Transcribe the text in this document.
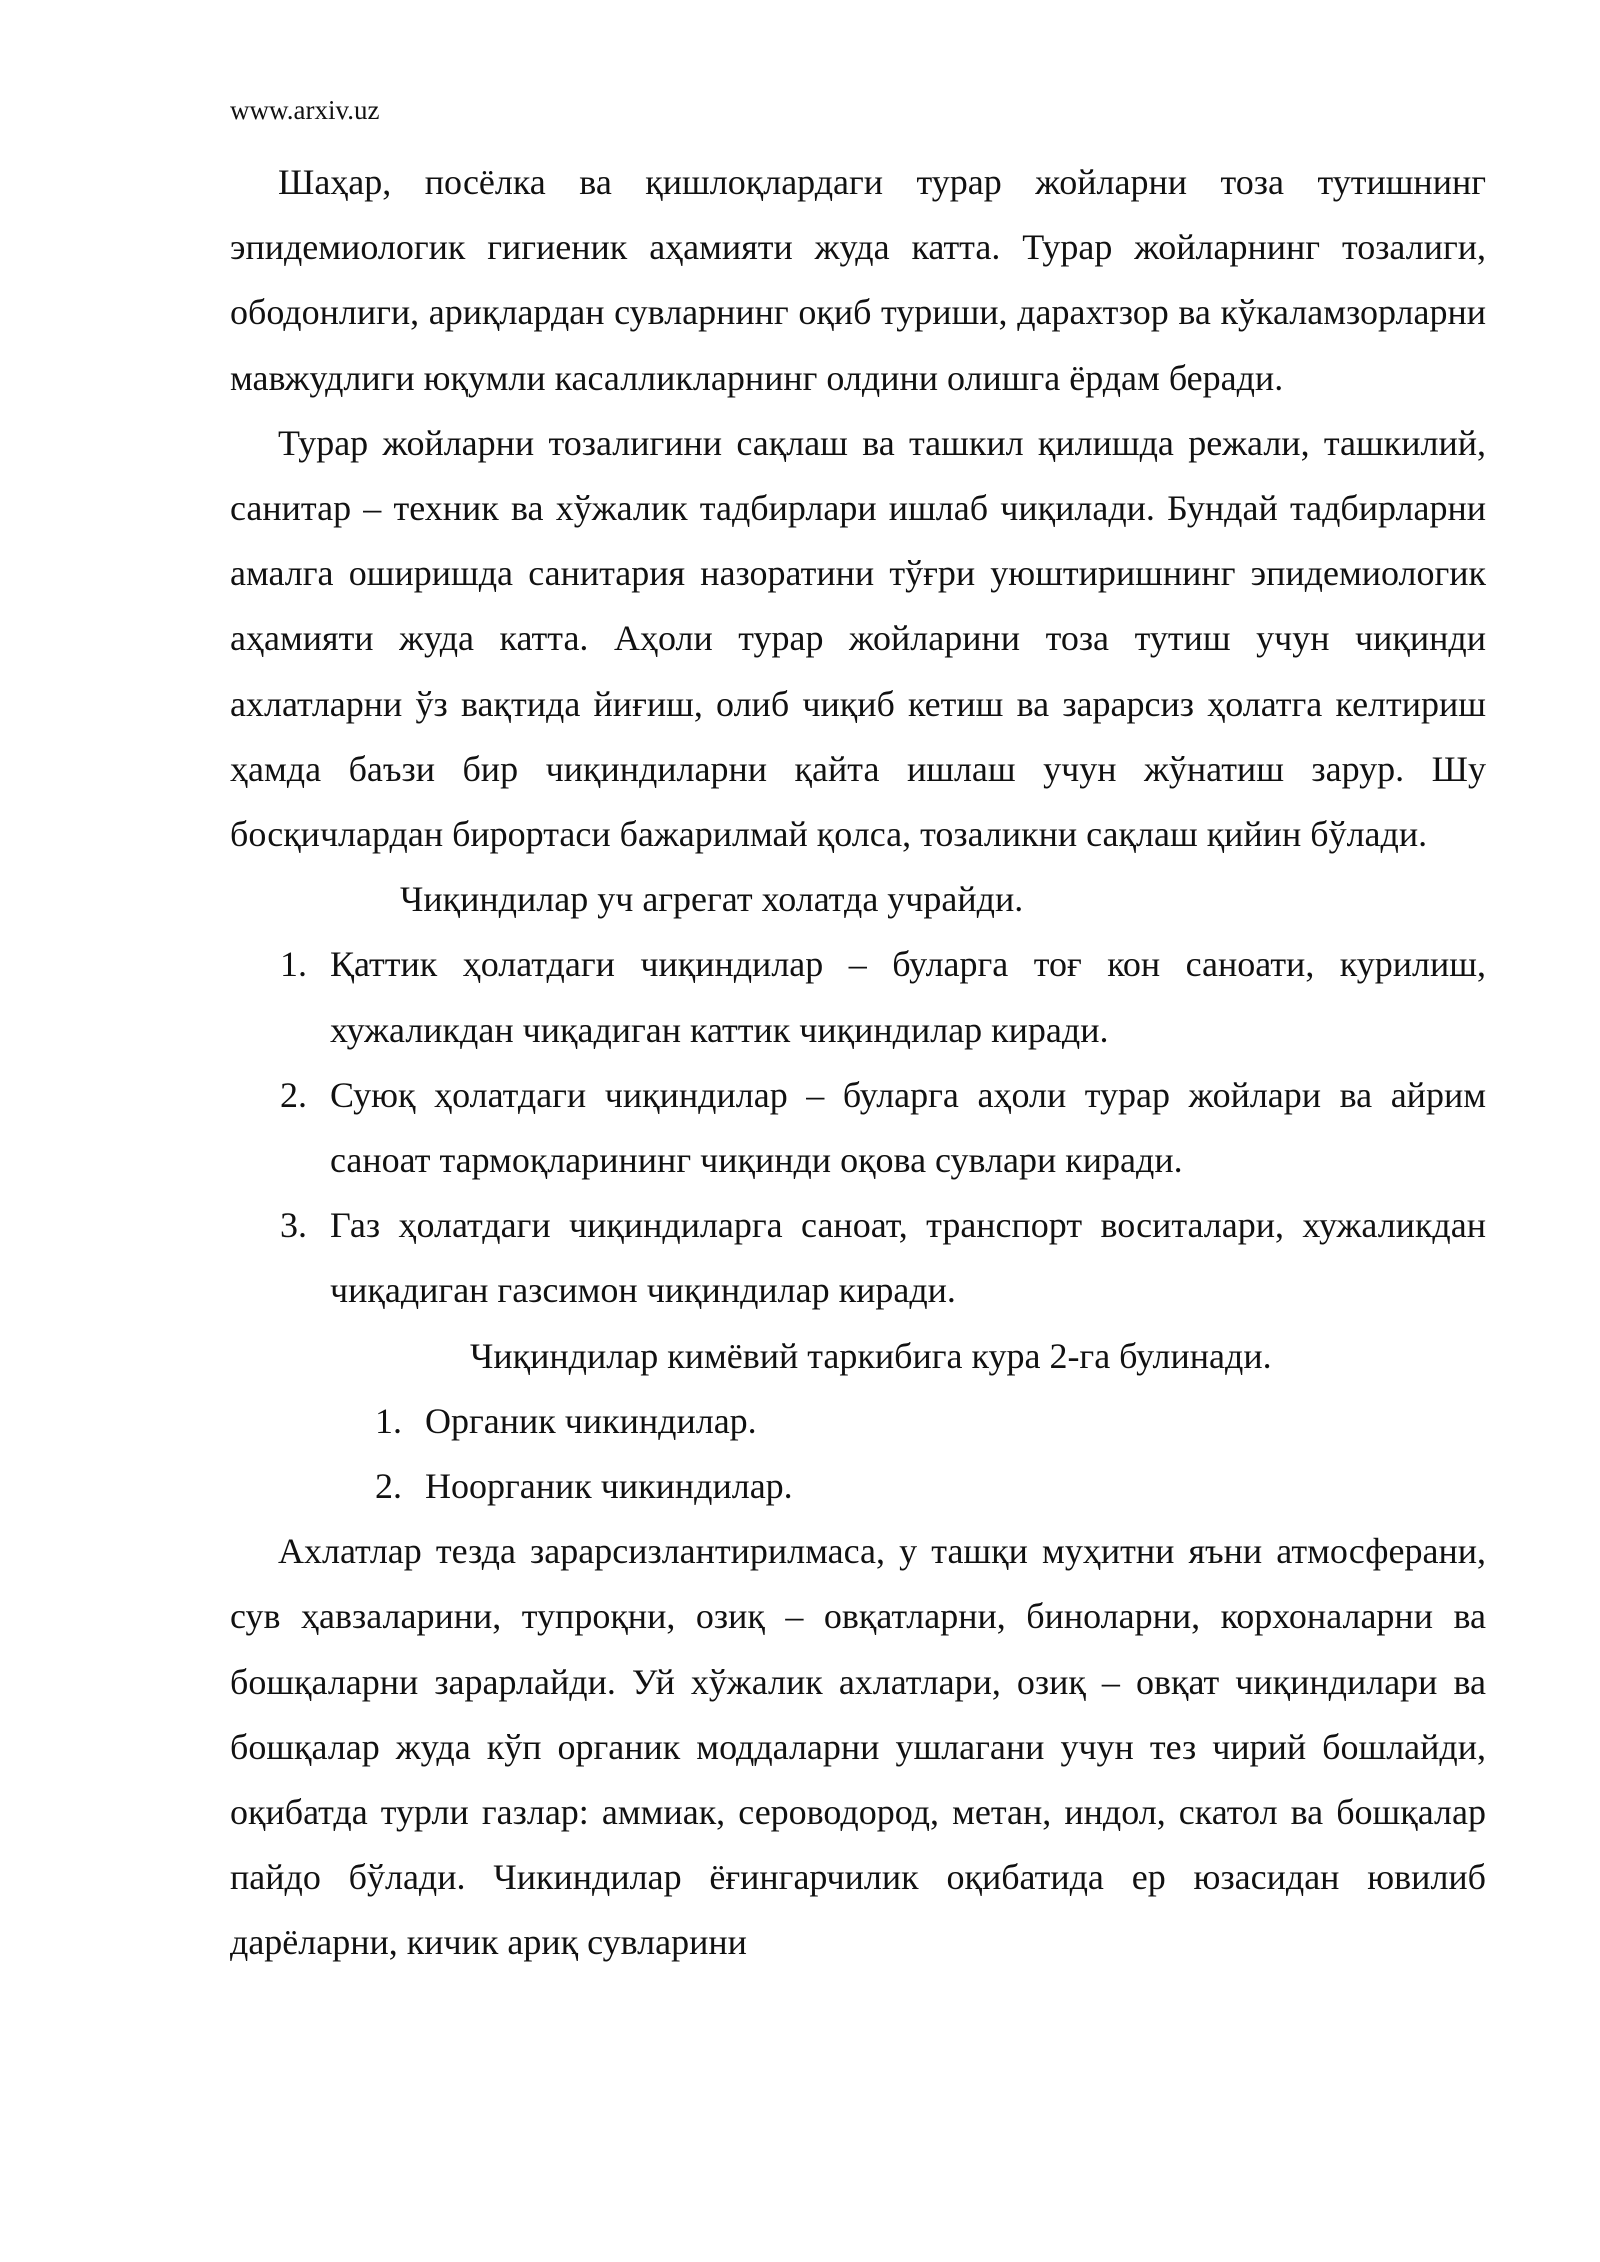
www.arxiv.uz

Шаҳар, посёлка ва қишлоқлардаги турар жойларни тоза тутишнинг эпидемиологик гигиеник аҳамияти жуда катта. Турар жойларнинг тозалиги, ободонлиги, ариқлардан сувларнинг оқиб туриши, дарахтзор ва кўкаламзорларни мавжудлиги юқумли касалликларнинг олдини олишга ёрдам беради.

Турар жойларни тозалигини сақлаш ва ташкил қилишда режали, ташкилий, санитар – техник ва хўжалик тадбирлари ишлаб чиқилади. Бундай тадбирларни амалга оширишда санитария назоратини тўғри уюштиришнинг эпидемиологик аҳамияти жуда катта. Аҳоли турар жойларини тоза тутиш учун чиқинди ахлатларни ўз вақтида йиғиш, олиб чиқиб кетиш ва зарарсиз ҳолатга келтириш ҳамда баъзи бир чиқиндиларни қайта ишлаш учун жўнатиш зарур. Шу босқичлардан бирортаси бажарилмай қолса, тозаликни сақлаш қийин бўлади.

Чиқиндилар уч агрегат холатда учрайди.

1. Қаттик ҳолатдаги чиқиндилар – буларга тоғ кон саноати, курилиш, хужаликдан чиқадиган каттик чиқиндилар киради.
2. Суюқ ҳолатдаги чиқиндилар – буларга аҳоли турар жойлари ва айрим саноат тармоқларининг чиқинди оқова сувлари киради.
3. Газ ҳолатдаги чиқиндиларга саноат, транспорт воситалари, хужаликдан чиқадиган газсимон чиқиндилар киради.

Чиқиндилар кимёвий таркибига кура 2-га булинади.

1. Органик чикиндилар.
2. Ноорганик чикиндилар.

Ахлатлар тезда зарарсизлантирилмаса, у ташқи муҳитни яъни атмосферани, сув ҳавзаларини, тупроқни, озиқ – овқатларни, биноларни, корхоналарни ва бошқаларни зарарлайди. Уй хўжалик ахлатлари, озиқ – овқат чиқиндилари ва бошқалар жуда кўп органик моддаларни ушлагани учун тез чирий бошлайди, оқибатда турли газлар: аммиак, сероводород, метан, индол, скатол ва бошқалар пайдо бўлади. Чикиндилар ёғингарчилик оқибатида ер юзасидан ювилиб дарёларни, кичик ариқ сувларини
